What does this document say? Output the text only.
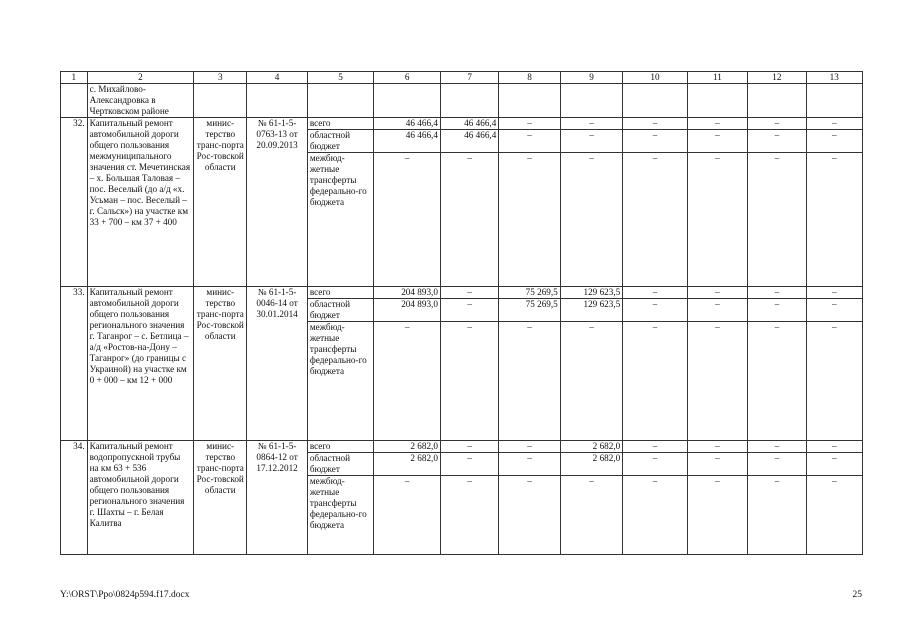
1	2	3	4	5	6	7	8	9	10	11	12	13
	с. Михайлово-Александровка в Чертковском районе											
32.	Капитальный ремонт автомобильной дороги общего пользования межмуниципального значения ст. Мечетинская – х. Большая Таловая – пос. Веселый (до а/д «х. Усьман – пос. Веселый – г. Сальск») на участке км 33 + 700 – км 37 + 400	минис-терство транс-порта Рос-товской области	№ 61-1-5-0763-13 от 20.09.2013	всего	46 466,4	46 466,4	–	–	–	–	–	–
				областной бюджет	46 466,4	46 466,4	–	–	–	–	–	–
				межбюд-жетные трансферты федерально-го бюджета	–	–	–	–	–	–	–	–
33.	Капитальный ремонт автомобильной дороги общего пользования регионального значения г. Таганрог – с. Бетлица – а/д «Ростов-на-Дону – Таганрог» (до границы с Украиной) на участке км 0 + 000 – км 12 + 000	минис-терство транс-порта Рос-товской области	№ 61-1-5-0046-14 от 30.01.2014	всего	204 893,0	–	75 269,5	129 623,5	–	–	–	–
				областной бюджет	204 893,0	–	75 269,5	129 623,5	–	–	–	–
				межбюд-жетные трансферты федерально-го бюджета	–	–	–	–	–	–	–	–
34.	Капитальный ремонт водопропускной трубы на км 63 + 536 автомобильной дороги общего пользования регионального значения г. Шахты – г. Белая Калитва	минис-терство транс-порта Рос-товской области	№ 61-1-5-0864-12 от 17.12.2012	всего	2 682,0	–	–	2 682,0	–	–	–	–
				областной бюджет	2 682,0	–	–	2 682,0	–	–	–	–
				межбюд-жетные трансферты федерально-го бюджета	–	–	–	–	–	–	–	–
Y:\ORST\Ppo\0824p594.f17.docx	25
